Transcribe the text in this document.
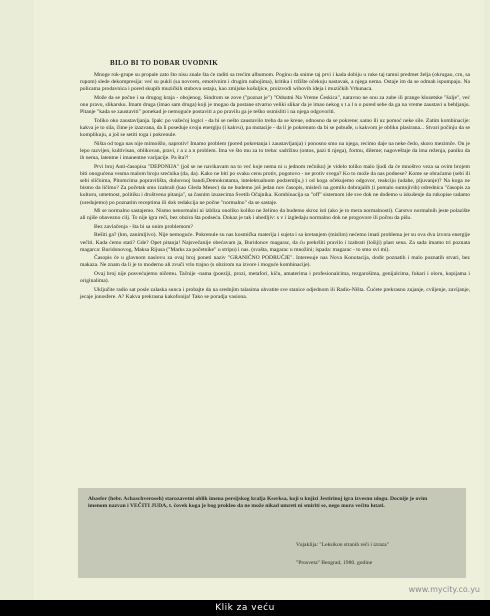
BILO BI TO DOBAR UVODNIK

Mnoge rok-grupe su propale zato što nisu znale šta će raditi sa trećim albumom. Poginu da snime taj prvi i kada dobiju u ruke taj tamni predmet želja (okrugao, crn, sa rupom) slede dekompresija: već su pukli (sa novcem, emotivnim i drugim nabojima), kritika i tržište očekuju nastavak, a njega nema. Ostaje im da se odmah ispumpaju. Na policama prodavnica i pored skupih muzičkih stubova ostaju, kao zmijske košuljice, proizvodi wihovih ideja i muzičkih Vrhunaca.

Može da se počne i sa drugog kraja - obojenog. Sindrom se zove ("poznat je") "Odsutni Na Vreme Ćeskica", naravno ne onu za zube ili prange klozetske "šolje", već onu pravu, slikarsku. Imam druga (imao sam druga) koji je mogao da postane stvarno veliki slikar da je imao nekog s t a l n o pored sebe da ga na vreme zaustavi u bebljanju. Pitanje "kada se zaustaviti" ponekad je nemoguće postaviti a po pravilu ga je teško osmisliti i na njega odgovoriti.

Toliko oko zaustavljanja. Ipak: po važećoj logici - da bi se nešto zaustavilo treba da se krene, odnosno da se pokrene; samo ili uz pomoć neke sile. Zatim kombinacije: kakva je to sila, čime je izazvana, da li poseduje svoju energiju (i kakvu), pa mutacije - da li je pokrenuto da bi se pobuđe, u kakvom je obliku plasirana... Stvari počinju da se komplikuju, a još se setiti toga i pokrenule.

Ništa od toga nas nije mimoišlo, naprotiv! Imamo problem (pored pokretanja i zaustavljanja) i ponosno smo na njega, recimo daje na neke čedo, skoro mezimče. On je lepo razvijen, kultivisan, oblikovan, pravi, r a z a n problem. Ima ve što mu za to treba: sadržinu (ontos, pazi ti njega), formu, dileme; nagoveštaje da ima reženja, paniku da ih nema, latentne i imanentne varijacije. Pa šta?!

Prvi broj Anti-časopisa "DEPONIJA" (još se ne navikavam na to već koje nema ni u jednom rečniku) je videlo toliko malo ljudi da će mnoštvo veza sa ovim brojem biti onogućena vesma malom broju srećnika (da, da). Kako ne biti po svaku cenu protiv, pogotovo - ne protiv svega? Ko to može da nas podnese? Kome se obraćamo (sebi ili sebi sličnima, Pitomcima popravilišta, duhovnoj bandi,Demokratama, intelektualnom podzemlju,) i od koga očekujemo odgovor, reakciju (udahe, pljuvanje)? Na koga ne bismo da ličimo? Za početak smo izabrali (kao Gleda Mesec) da ne budemo još jedan nov časopis, misleći na gomilu dobrajalih (i pomalo sumnjivih) odrednica "časopis za kulturu, umetnost, politiku i društvena pitanja", sa časnim izuzecima Svetih Očajnika. Kombinacija sa "off" sistemom ide sve dok ne dođemo u iskušenje da rukopise radamo (uredujemo) po poznatim receptima ili dok redakcija ne počne "normalno" da se sastaje.

Mi se normalno sastajemo. Nismo nenormalni ni izbliza onoliko koliko ne želimo da budemo skroz isti (ako je to mera normalnosti). Carstvo normalnih jeste polazište ali njiše obavezno cilj. To nije igra reči, bez obzira šta podseća. Dokaz je tak i ubedljiv: s v i izgledaju normalno dok ne progovore ili počnu da pišu.

Bez zavlačenja - šta bi sa onim problemom?

Rešiti ga? (hm, zanimljivo). Nije nemoguće. Pokrenule su nas kosmička materija i sujeta i sa kretanjem (mislim) nećemo imati problema jer su ova dva izvora energije večiti. Kada ćemo stati? Gde? Opet pitanja! Najsvečanije obećavam ja, Buridonov magarac, da ću prekršiti pravilo i izabrati (lošiji) plast sena. Za sada imamo tri poznata magarca: Buridonovog, Maksa Rijusa ("Marks za početnike" u stripu) i nas. (svašta, magarac u množini; ispada: magarac - to smo svi mi).

Časopis će u glavnom naslovu za ovaj broj poneti naziv "GRANIČNO PODRUČJE". Interesuje nas Nova Konotacija, dodir poznatih i malo poznatih stvari, bez makaza. Ne znam da li je to moderno ali zvuči vrlo trajno (s obzirom na izvore i moguće kombinacije).

Ovaj broj nije posvećujemo ničemu. Tačnije -nama (poeziji, prozi, metafori, kiču, amaterima i profesionalcima, tezgarošima, genijalcima, fukari i oloru, kopijama i originalima).

Uključite radio sat posle zalaska sunca i probajte da na srednjim talasima uhvatite sve stanice odjednom ili Radio-Ništa. Čućete prekrasno zujanje, cviljenje, zavijanje, jecaje jonosfere. A? Kakva prekrasna kakofonija! Tako se poradja vasiona.

Abasfer (hebr. Achaschveroseh) starozavetni oblik imena persijskog kralja Kserksa, koji u knjizi Jestirinoj igra izvesnu ulogu. Docnije je ovim imenom nazvan i VEČITI JUDA, t. čovek koga je bog prokleo da ne može nikad umreti ni smiriti se, nego mora večito lutati.
Vujaklija: "Leksikon stranih reči i izraza"
"Prosveta" Beograd, 1980. godine
www.mycity.co.yu
Klik za veću
